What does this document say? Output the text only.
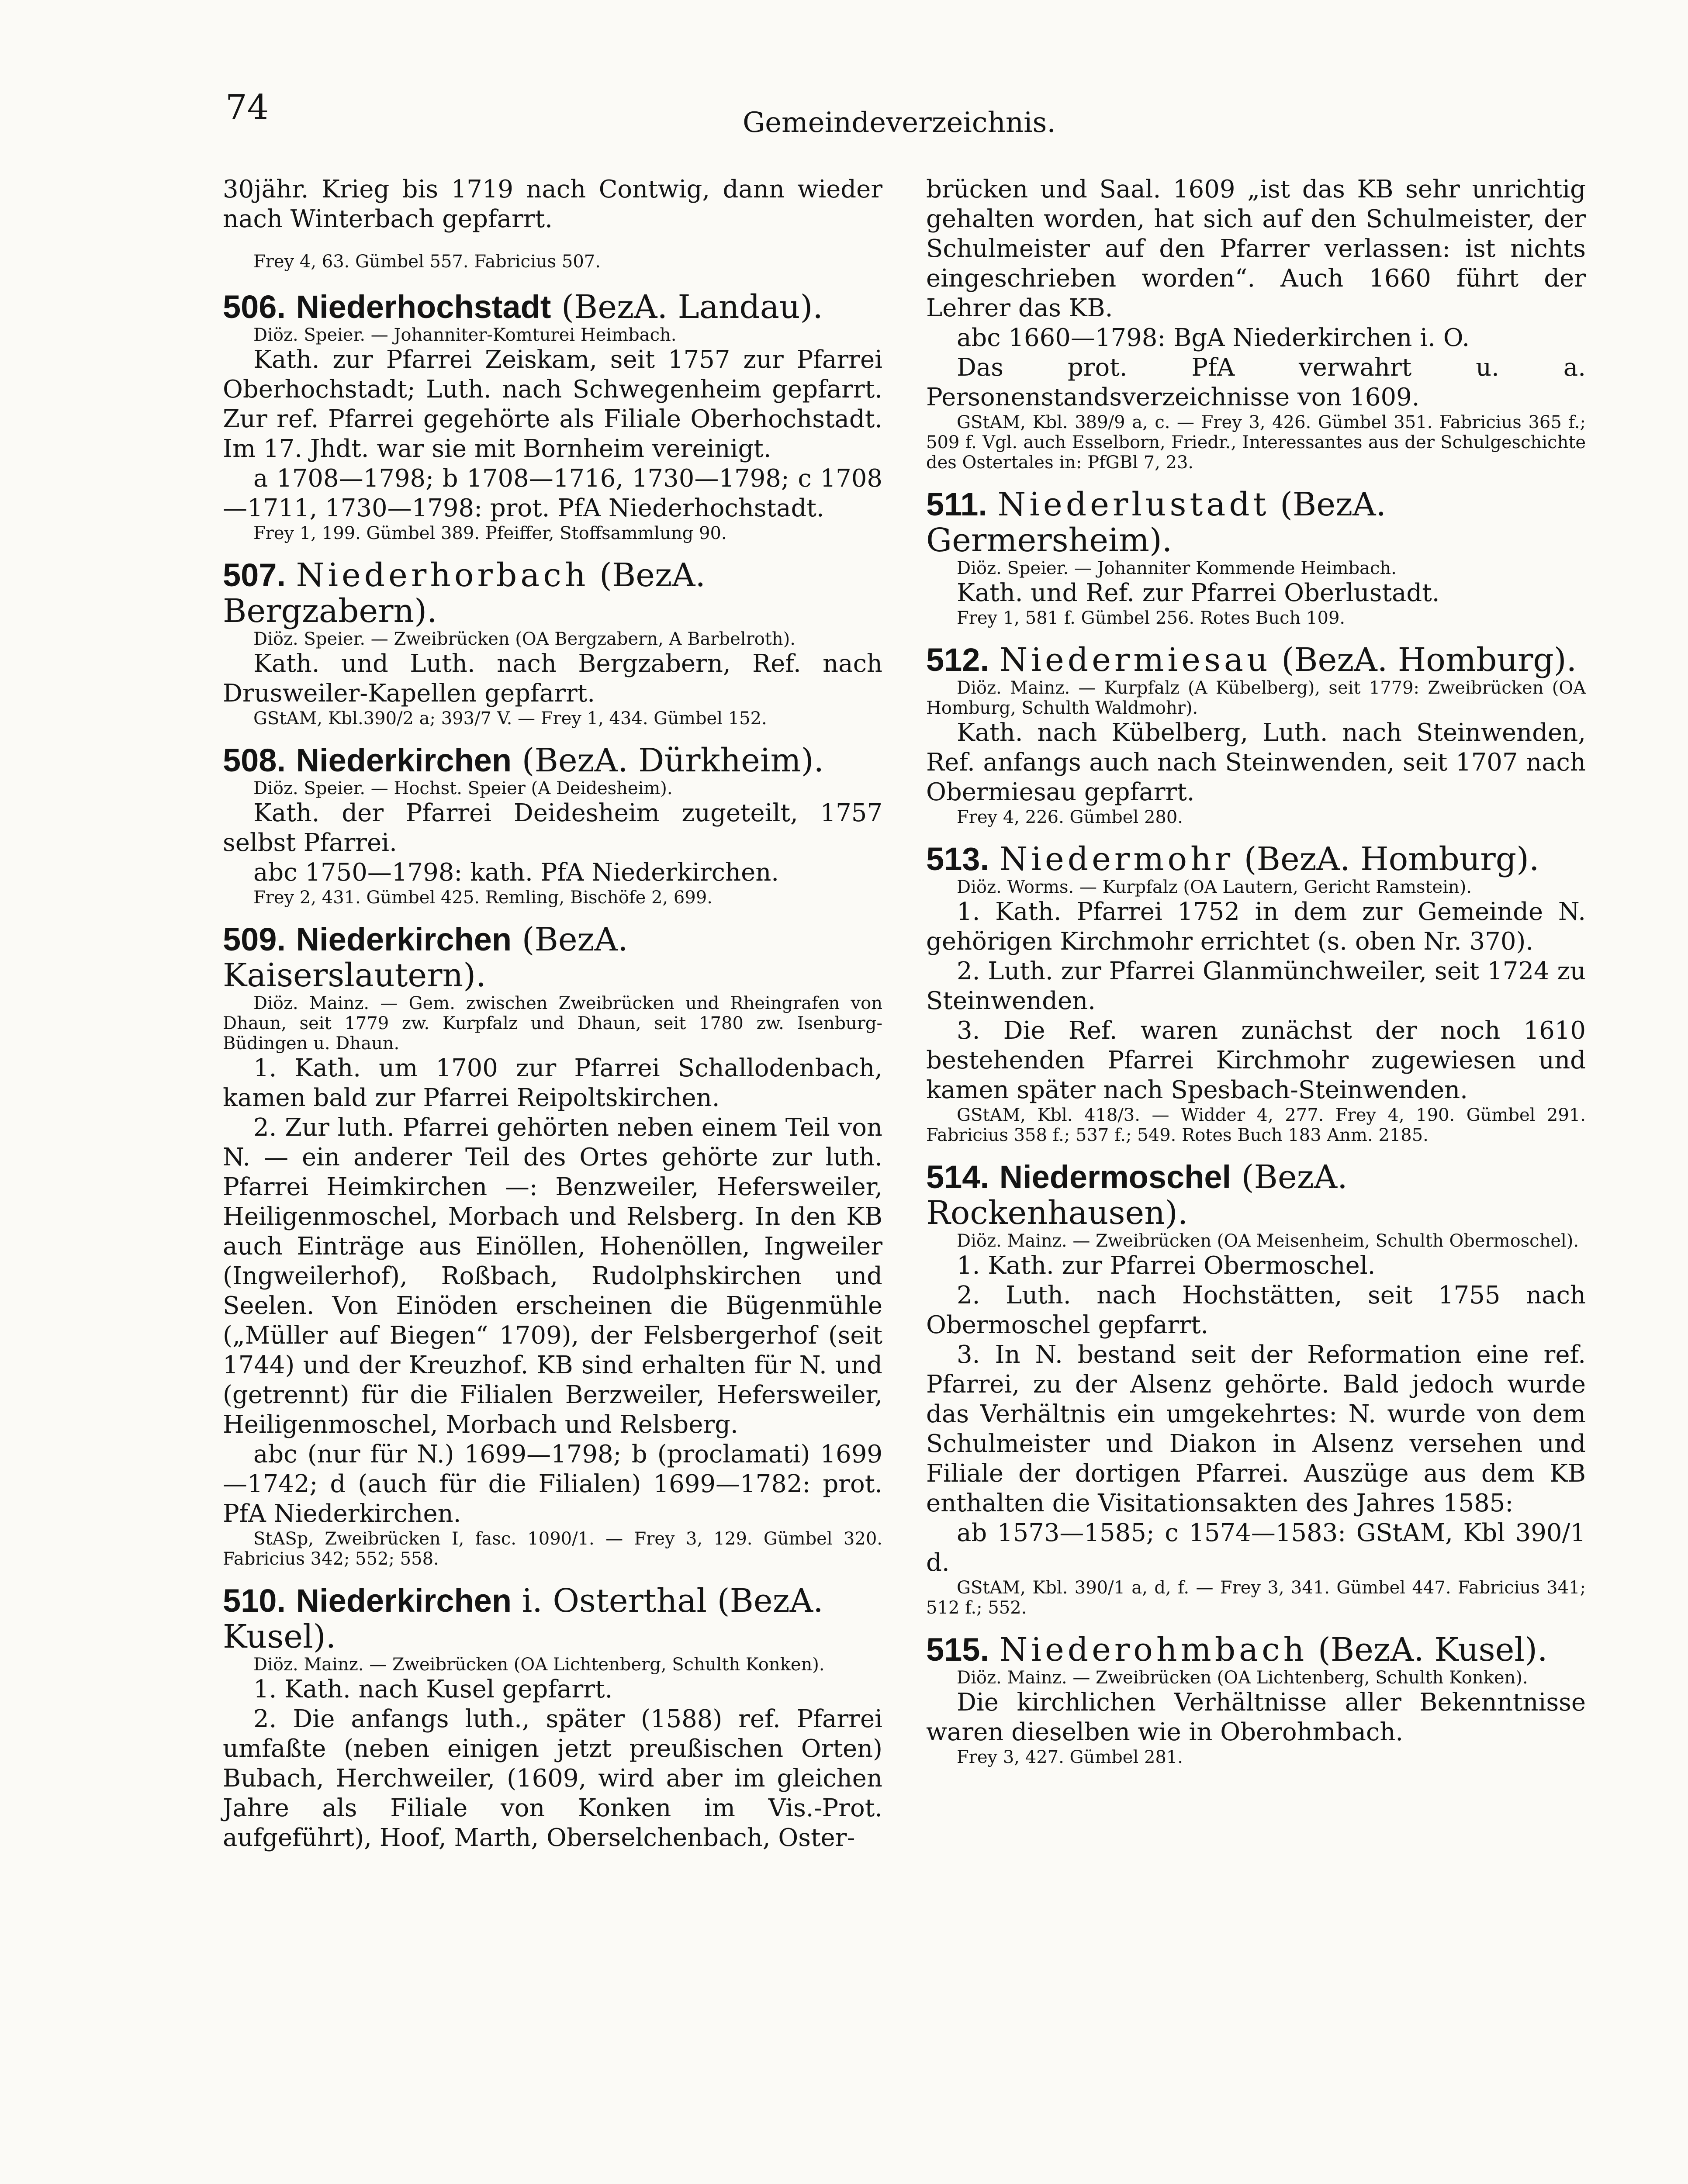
74	Gemeindeverzeichnis.

30jähr. Krieg bis 1719 nach Contwig, dann wieder nach Winterbach gepfarrt.

Frey 4, 63. Gümbel 557. Fabricius 507.

506. Niederhochstadt (BezA. Landau).
Diöz. Speier. — Johanniter-Komturei Heimbach.

Kath. zur Pfarrei Zeiskam, seit 1757 zur Pfarrei Oberhochstadt; Luth. nach Schwegenheim gepfarrt. Zur ref. Pfarrei gegehörte als Filiale Oberhochstadt. Im 17. Jhdt. war sie mit Bornheim vereinigt.

a 1708—1798; b 1708—1716, 1730—1798; c 1708—1711, 1730—1798: prot. PfA Niederhochstadt.

Frey 1, 199. Gümbel 389. Pfeiffer, Stoffsammlung 90.
507. Niederhorbach (BezA. Bergzabern).
Diöz. Speier. — Zweibrücken (OA Bergzabern, A Barbelroth).

Kath. und Luth. nach Bergzabern, Ref. nach Drusweiler-Kapellen gepfarrt.

GStAM, Kbl.390/2 a; 393/7 V. — Frey 1, 434. Gümbel 152.
508. Niederkirchen (BezA. Dürkheim).
Diöz. Speier. — Hochst. Speier (A Deidesheim).

Kath. der Pfarrei Deidesheim zugeteilt, 1757 selbst Pfarrei.

abc 1750—1798: kath. PfA Niederkirchen.

Frey 2, 431. Gümbel 425. Remling, Bischöfe 2, 699.
509. Niederkirchen (BezA. Kaiserslautern).
Diöz. Mainz. — Gem. zwischen Zweibrücken und Rheingrafen von Dhaun, seit 1779 zw. Kurpfalz und Dhaun, seit 1780 zw. Isenburg-Büdingen u. Dhaun.

1. Kath. um 1700 zur Pfarrei Schallodenbach, kamen bald zur Pfarrei Reipoltskirchen.

2. Zur luth. Pfarrei gehörten neben einem Teil von N. — ein anderer Teil des Ortes gehörte zur luth. Pfarrei Heimkirchen —: Benzweiler, Hefersweiler, Heiligenmoschel, Morbach und Relsberg. In den KB auch Einträge aus Einöllen, Hohenöllen, Ingweiler (Ingweilerhof), Roßbach, Rudolphskirchen und Seelen. Von Einöden erscheinen die Bügenmühle („Müller auf Biegen“ 1709), der Felsbergerhof (seit 1744) und der Kreuzhof. KB sind erhalten für N. und (getrennt) für die Filialen Berzweiler, Hefersweiler, Heiligenmoschel, Morbach und Relsberg.

abc (nur für N.) 1699—1798; b (proclamati) 1699—1742; d (auch für die Filialen) 1699—1782: prot. PfA Niederkirchen.

StASp, Zweibrücken I, fasc. 1090/1. — Frey 3, 129. Gümbel 320. Fabricius 342; 552; 558.
510. Niederkirchen i. Osterthal (BezA. Kusel).
Diöz. Mainz. — Zweibrücken (OA Lichtenberg, Schulth Konken).

1. Kath. nach Kusel gepfarrt.

2. Die anfangs luth., später (1588) ref. Pfarrei umfaßte (neben einigen jetzt preußischen Orten) Bubach, Herchweiler, (1609, wird aber im gleichen Jahre als Filiale von Konken im Vis.-Prot. aufgeführt), Hoof, Marth, Oberselchenbach, Oster-

brücken und Saal. 1609 „ist das KB sehr unrichtig gehalten worden, hat sich auf den Schulmeister, der Schulmeister auf den Pfarrer verlassen: ist nichts eingeschrieben worden“. Auch 1660 führt der Lehrer das KB.

abc 1660—1798: BgA Niederkirchen i. O.

Das prot. PfA verwahrt u. a. Personenstandsverzeichnisse von 1609.

GStAM, Kbl. 389/9 a, c. — Frey 3, 426. Gümbel 351. Fabricius 365 f.; 509 f. Vgl. auch Esselborn, Friedr., Interessantes aus der Schulgeschichte des Ostertales in: PfGBl 7, 23.
511. Niederlustadt (BezA. Germersheim).
Diöz. Speier. — Johanniter Kommende Heimbach.

Kath. und Ref. zur Pfarrei Oberlustadt.

Frey 1, 581 f. Gümbel 256. Rotes Buch 109.
512. Niedermiesau (BezA. Homburg).
Diöz. Mainz. — Kurpfalz (A Kübelberg), seit 1779: Zweibrücken (OA Homburg, Schulth Waldmohr).

Kath. nach Kübelberg, Luth. nach Steinwenden, Ref. anfangs auch nach Steinwenden, seit 1707 nach Obermiesau gepfarrt.

Frey 4, 226. Gümbel 280.
513. Niedermohr (BezA. Homburg).
Diöz. Worms. — Kurpfalz (OA Lautern, Gericht Ramstein).

1. Kath. Pfarrei 1752 in dem zur Gemeinde N. gehörigen Kirchmohr errichtet (s. oben Nr. 370).

2. Luth. zur Pfarrei Glanmünchweiler, seit 1724 zu Steinwenden.

3. Die Ref. waren zunächst der noch 1610 bestehenden Pfarrei Kirchmohr zugewiesen und kamen später nach Spesbach-Steinwenden.

GStAM, Kbl. 418/3. — Widder 4, 277. Frey 4, 190. Gümbel 291. Fabricius 358 f.; 537 f.; 549. Rotes Buch 183 Anm. 2185.
514. Niedermoschel (BezA. Rockenhausen).
Diöz. Mainz. — Zweibrücken (OA Meisenheim, Schulth Obermoschel).

1. Kath. zur Pfarrei Obermoschel.

2. Luth. nach Hochstätten, seit 1755 nach Obermoschel gepfarrt.

3. In N. bestand seit der Reformation eine ref. Pfarrei, zu der Alsenz gehörte. Bald jedoch wurde das Verhältnis ein umgekehrtes: N. wurde von dem Schulmeister und Diakon in Alsenz versehen und Filiale der dortigen Pfarrei. Auszüge aus dem KB enthalten die Visitationsakten des Jahres 1585:

ab 1573—1585; c 1574—1583: GStAM, Kbl 390/1 d.

GStAM, Kbl. 390/1 a, d, f. — Frey 3, 341. Gümbel 447. Fabricius 341; 512 f.; 552.
515. Niederohmbach (BezA. Kusel).
Diöz. Mainz. — Zweibrücken (OA Lichtenberg, Schulth Konken).

Die kirchlichen Verhältnisse aller Bekenntnisse waren dieselben wie in Oberohmbach.

Frey 3, 427. Gümbel 281.
